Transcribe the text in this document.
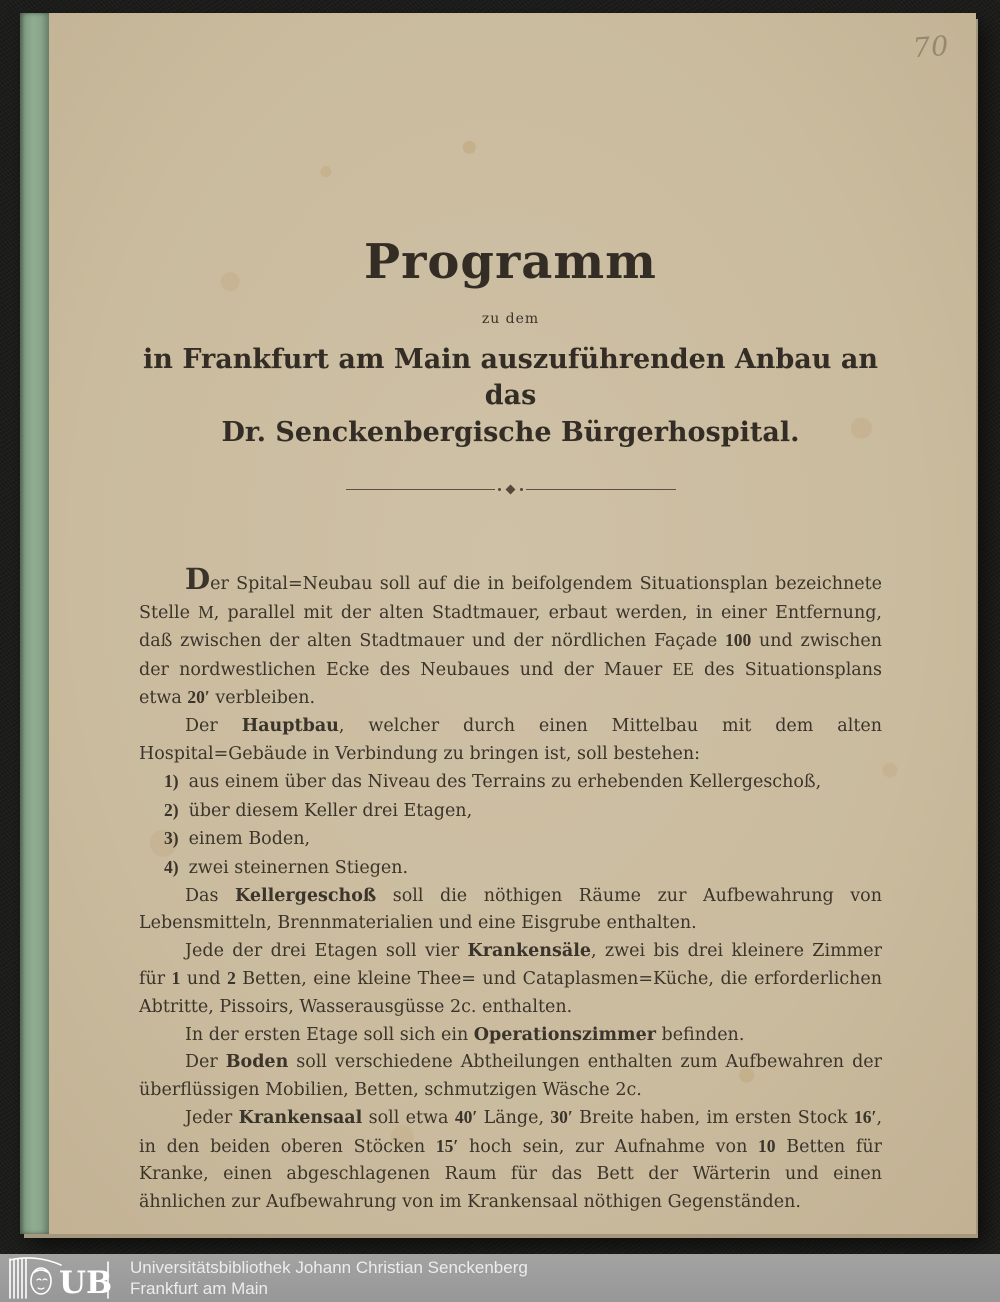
70
Programm
zu dem
in Frankfurt am Main auszuführenden Anbau an das
Dr. Senckenbergische Bürgerhospital.

Der Spital=Neubau soll auf die in beifolgendem Situationsplan bezeichnete Stelle M, parallel mit der alten Stadtmauer, erbaut werden, in einer Entfernung, daß zwischen der alten Stadtmauer und der nördlichen Façade 100 und zwischen der nordwestlichen Ecke des Neubaues und der Mauer EE des Situationsplans etwa 20′ verbleiben.

Der Hauptbau, welcher durch einen Mittelbau mit dem alten Hospital=Gebäude in Verbindung zu bringen ist, soll bestehen:

1) aus einem über das Niveau des Terrains zu erhebenden Kellergeschoß,

2) über diesem Keller drei Etagen,

3) einem Boden,

4) zwei steinernen Stiegen.

Das Kellergeschoß soll die nöthigen Räume zur Aufbewahrung von Lebensmitteln, Brennmaterialien und eine Eisgrube enthalten.

Jede der drei Etagen soll vier Krankensäle, zwei bis drei kleinere Zimmer für 1 und 2 Betten, eine kleine Thee= und Cataplasmen=Küche, die erforderlichen Abtritte, Pissoirs, Wasserausgüsse 2c. enthalten.

In der ersten Etage soll sich ein Operationszimmer befinden.

Der Boden soll verschiedene Abtheilungen enthalten zum Aufbewahren der überflüssigen Mobilien, Betten, schmutzigen Wäsche 2c.

Jeder Krankensaal soll etwa 40′ Länge, 30′ Breite haben, im ersten Stock 16′, in den beiden oberen Stöcken 15′ hoch sein, zur Aufnahme von 10 Betten für Kranke, einen abgeschlagenen Raum für das Bett der Wärterin und einen ähnlichen zur Aufbewahrung von im Krankensaal nöthigen Gegenständen.

UB Universitätsbibliothek Johann Christian Senckenberg
Frankfurt am Main
